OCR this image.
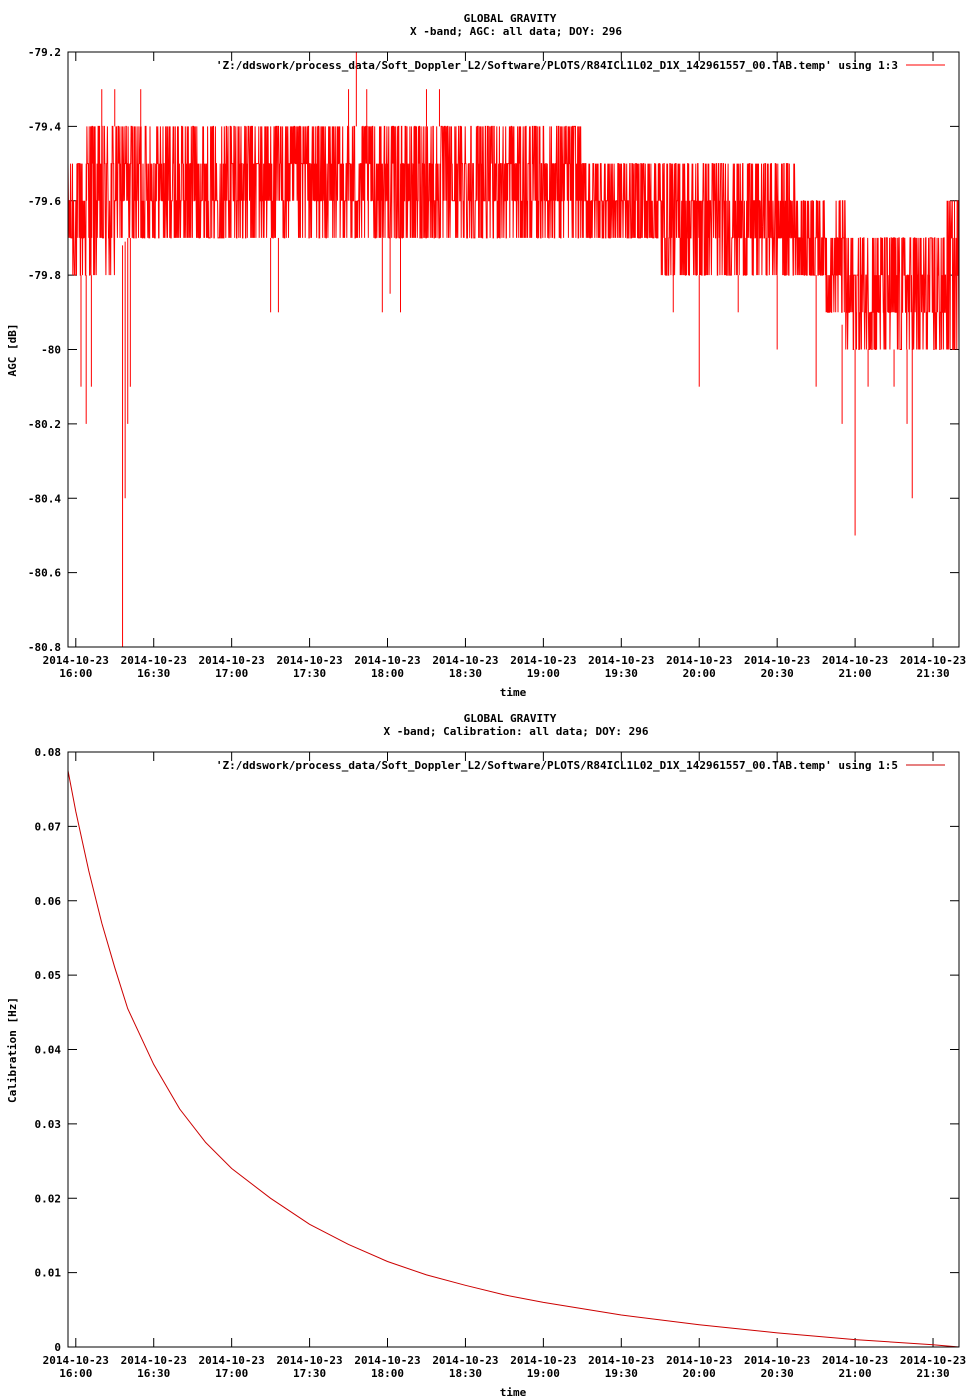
GLOBAL GRAVITY
X -band; AGC: all data; DOY: 296
AGC [dB]
time
'Z:/ddswork/process_data/Soft_Doppler_L2/Software/PLOTS/R84ICL1L02_D1X_142961557_00.TAB.temp' using 1:3
-79.2
-79.4
-79.6
-79.8
-80
-80.2
-80.4
-80.6
-80.8
2014-10-23
16:00
2014-10-23
16:30
2014-10-23
17:00
2014-10-23
17:30
2014-10-23
18:00
2014-10-23
18:30
2014-10-23
19:00
2014-10-23
19:30
2014-10-23
20:00
2014-10-23
20:30
2014-10-23
21:00
2014-10-23
21:30
GLOBAL GRAVITY
X -band; Calibration: all data; DOY: 296
Calibration [Hz]
time
'Z:/ddswork/process_data/Soft_Doppler_L2/Software/PLOTS/R84ICL1L02_D1X_142961557_00.TAB.temp' using 1:5
0.08
0.07
0.06
0.05
0.04
0.03
0.02
0.01
0
2014-10-23
16:00
2014-10-23
16:30
2014-10-23
17:00
2014-10-23
17:30
2014-10-23
18:00
2014-10-23
18:30
2014-10-23
19:00
2014-10-23
19:30
2014-10-23
20:00
2014-10-23
20:30
2014-10-23
21:00
2014-10-23
21:30
